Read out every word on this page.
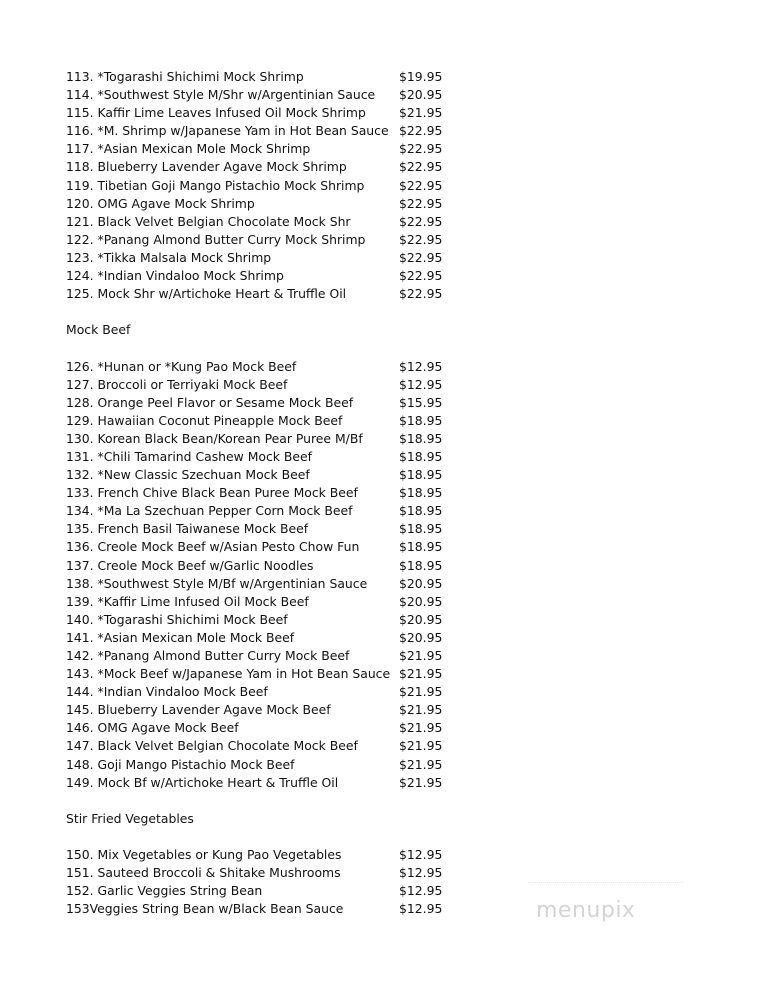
113. *Togarashi Shichimi Mock Shrimp	$19.95
114. *Southwest Style M/Shr w/Argentinian Sauce $20.95
115. Kaffir Lime Leaves Infused Oil Mock Shrimp	$21.95
116. *M. Shrimp w/Japanese Yam in Hot Bean Sauce $22.95
117. *Asian Mexican Mole Mock Shrimp	$22.95
118. Blueberry Lavender Agave Mock Shrimp	$22.95
119. Tibetian Goji Mango Pistachio Mock Shrimp	$22.95
120. OMG Agave Mock Shrimp	$22.95
121. Black Velvet Belgian Chocolate Mock Shr	$22.95
122. *Panang Almond Butter Curry Mock Shrimp	$22.95
123. *Tikka Malsala Mock Shrimp	$22.95
124. *Indian Vindaloo Mock Shrimp	$22.95
125. Mock Shr w/Artichoke Heart & Truffle Oil	$22.95
Mock Beef
126. *Hunan or *Kung Pao Mock Beef	$12.95
127. Broccoli or Terriyaki Mock Beef	$12.95
128. Orange Peel Flavor or Sesame Mock Beef	$15.95
129. Hawaiian Coconut Pineapple Mock Beef	$18.95
130. Korean Black Bean/Korean Pear Puree M/Bf	$18.95
131. *Chili Tamarind Cashew Mock Beef	$18.95
132. *New Classic Szechuan Mock Beef	$18.95
133. French Chive Black Bean Puree Mock Beef	$18.95
134. *Ma La Szechuan Pepper Corn Mock Beef	$18.95
135. French Basil Taiwanese Mock Beef	$18.95
136. Creole Mock Beef w/Asian Pesto Chow Fun	$18.95
137. Creole Mock Beef w/Garlic Noodles	$18.95
138. *Southwest Style M/Bf w/Argentinian Sauce	$20.95
139. *Kaffir Lime Infused Oil Mock Beef	$20.95
140. *Togarashi Shichimi Mock Beef	$20.95
141. *Asian Mexican Mole Mock Beef	$20.95
142. *Panang Almond Butter Curry Mock Beef	$21.95
143. *Mock Beef w/Japanese Yam in Hot Bean Sauce $21.95
144. *Indian Vindaloo Mock Beef	$21.95
145. Blueberry Lavender Agave Mock Beef	$21.95
146. OMG Agave Mock Beef	$21.95
147. Black Velvet Belgian Chocolate Mock Beef	$21.95
148. Goji Mango Pistachio Mock Beef	$21.95
149. Mock Bf w/Artichoke Heart & Truffle Oil	$21.95
Stir Fried Vegetables
150. Mix Vegetables or Kung Pao Vegetables	$12.95
151. Sauteed Broccoli & Shitake Mushrooms	$12.95
152. Garlic Veggies String Bean	$12.95
153Veggies String Bean w/Black Bean Sauce	$12.95	menupix
